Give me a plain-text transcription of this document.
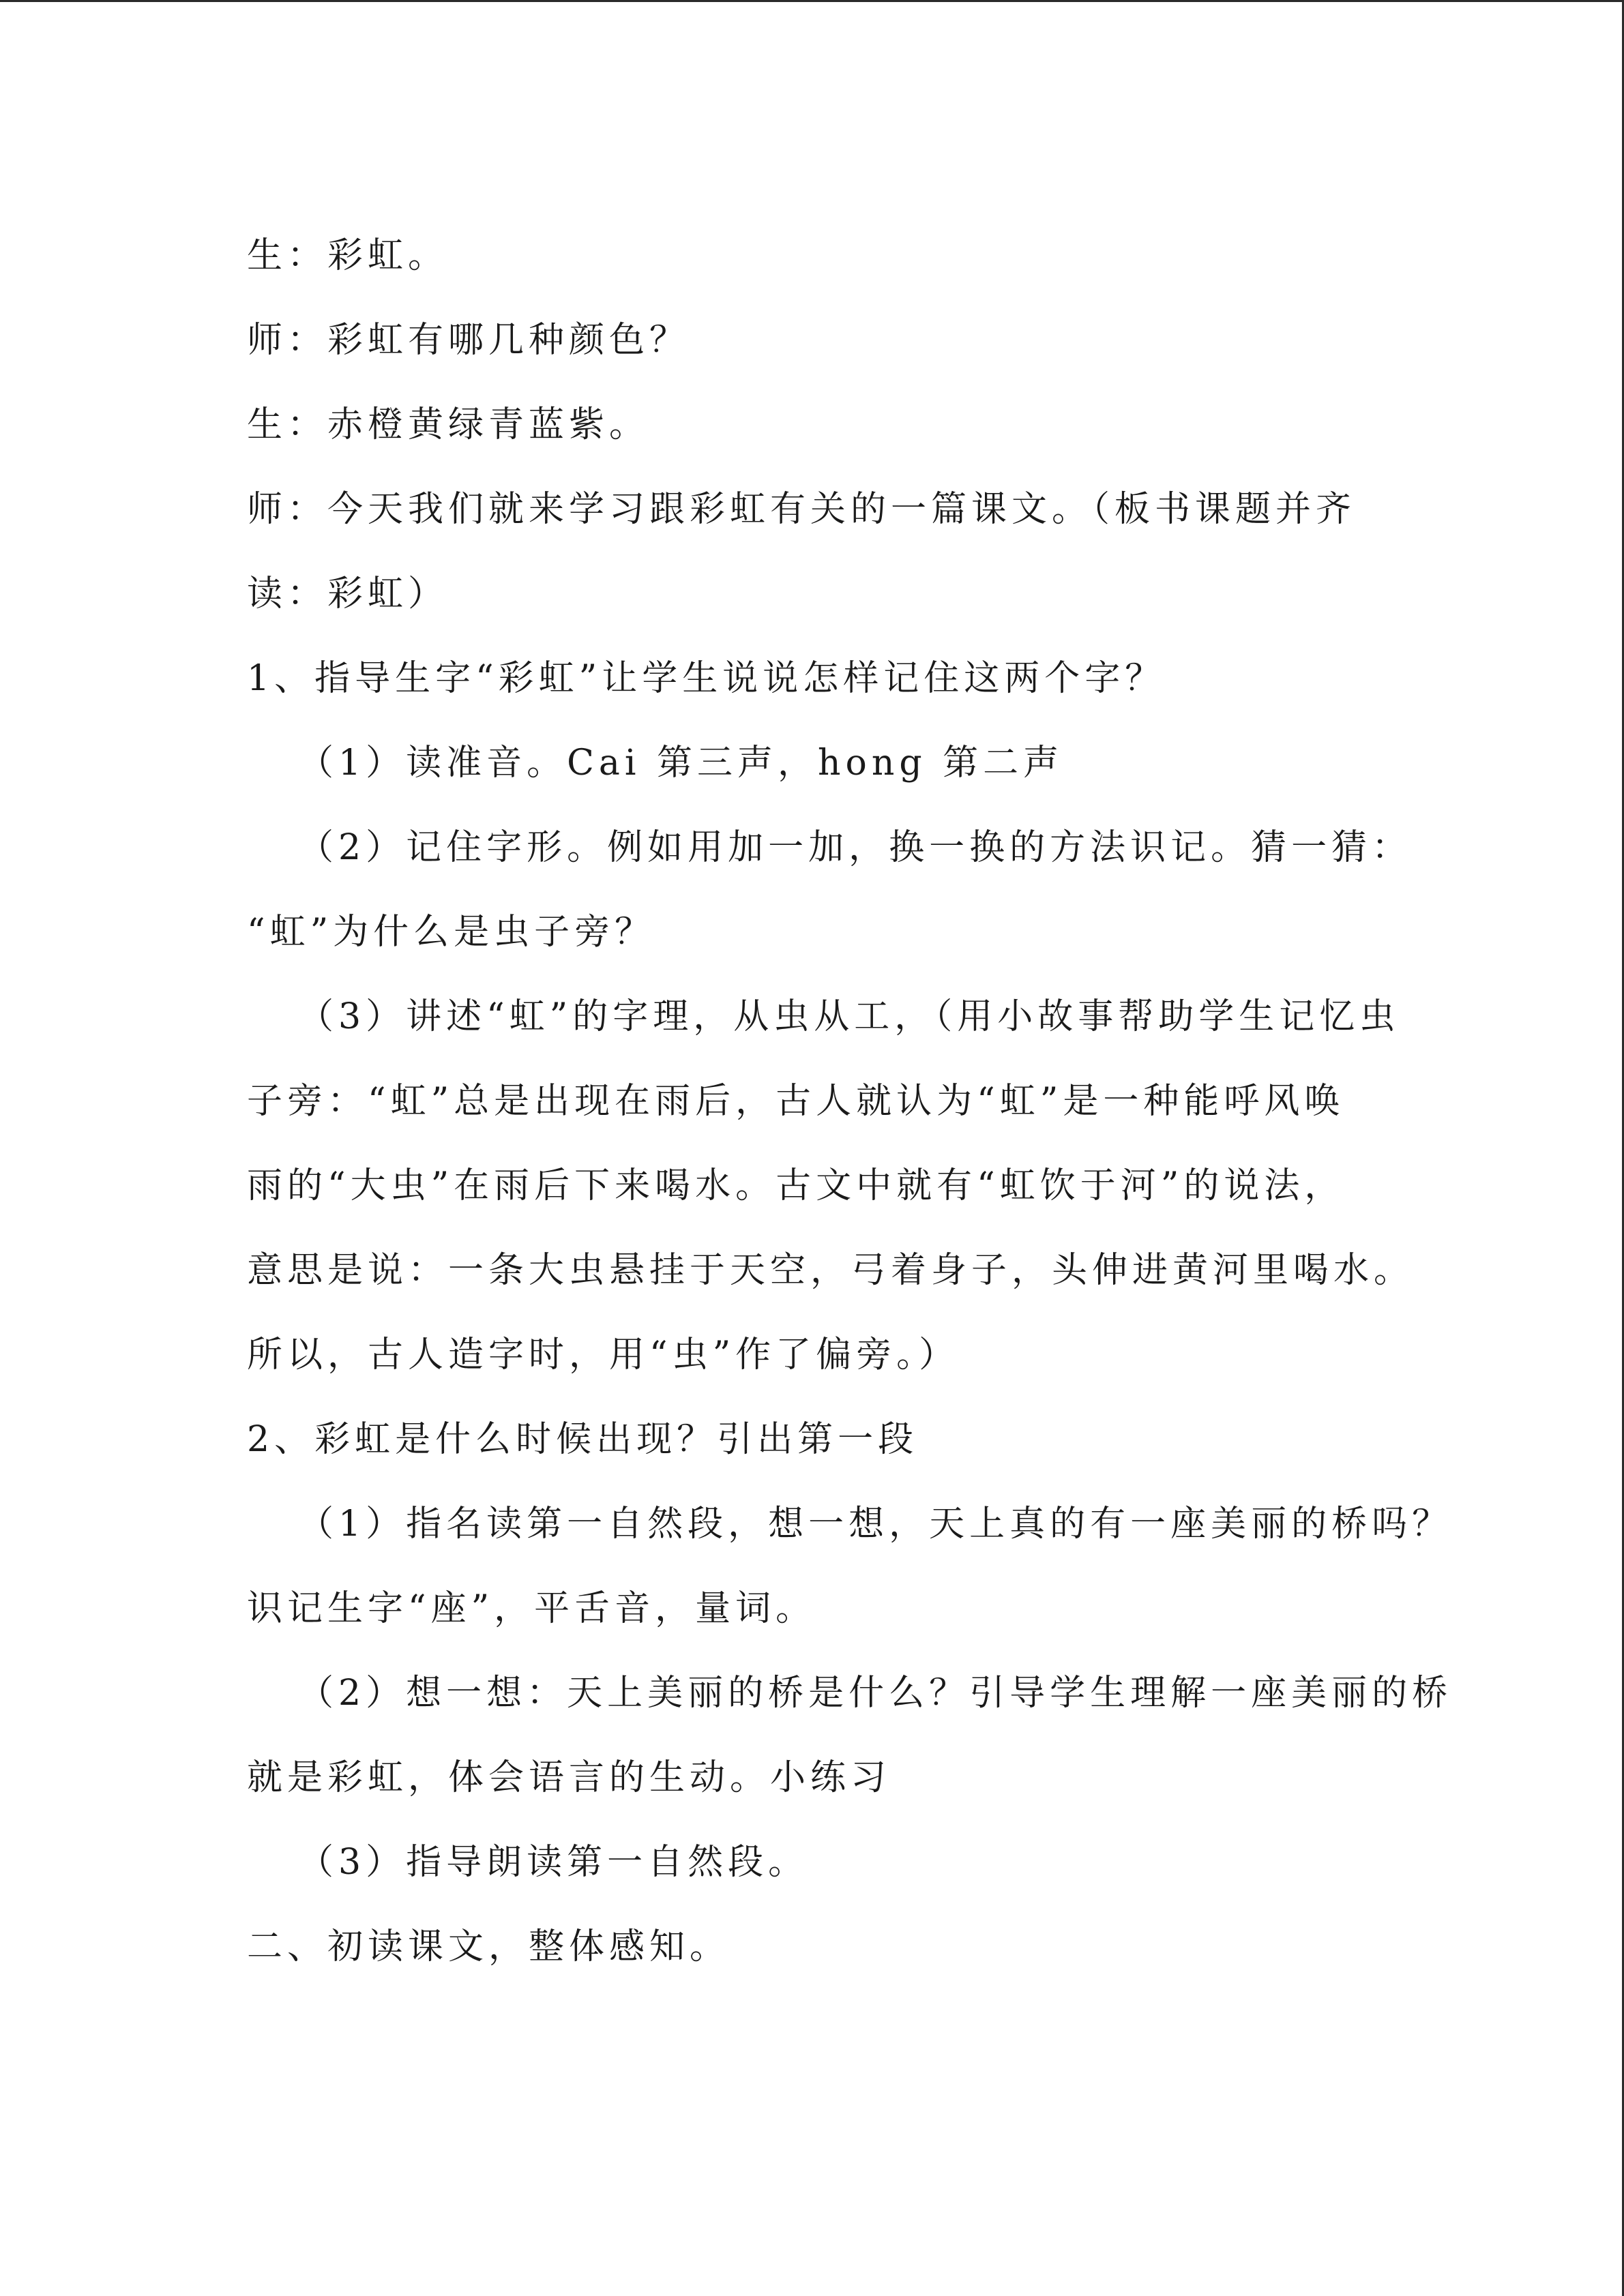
生：彩虹。
师：彩虹有哪几种颜色？
生：赤橙黄绿青蓝紫。
师：今天我们就来学习跟彩虹有关的一篇课文。（板书课题并齐
读：彩虹）
1、指导生字“彩虹”让学生说说怎样记住这两个字？
（1）读准音。Cai 第三声，hong 第二声
（2）记住字形。例如用加一加，换一换的方法识记。猜一猜：
“虹”为什么是虫子旁？
（3）讲述“虹”的字理，从虫从工，（用小故事帮助学生记忆虫
子旁：“虹”总是出现在雨后，古人就认为“虹”是一种能呼风唤
雨的“大虫”在雨后下来喝水。古文中就有“虹饮于河”的说法，
意思是说：一条大虫悬挂于天空，弓着身子，头伸进黄河里喝水。
所以，古人造字时，用“虫”作了偏旁。）
2、彩虹是什么时候出现？引出第一段
（1）指名读第一自然段，想一想，天上真的有一座美丽的桥吗？
识记生字“座”，平舌音，量词。
（2）想一想：天上美丽的桥是什么？引导学生理解一座美丽的桥
就是彩虹，体会语言的生动。小练习
（3）指导朗读第一自然段。
二、初读课文，整体感知。
